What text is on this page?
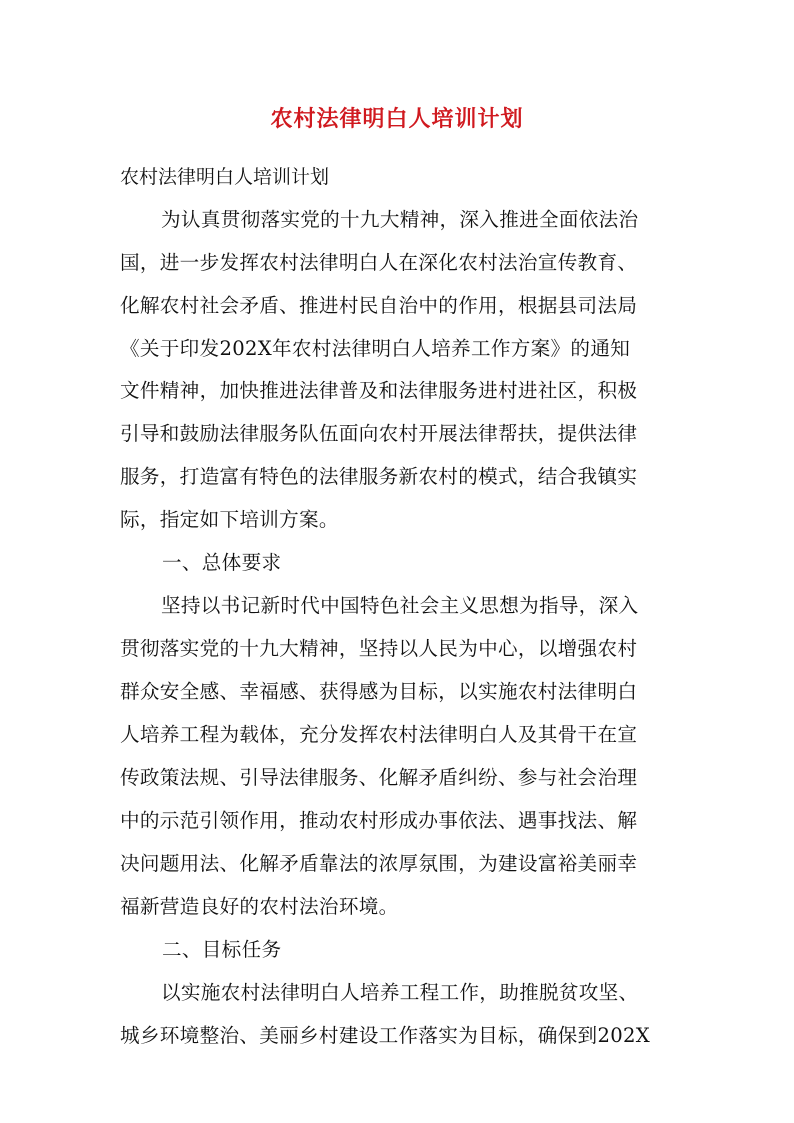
农村法律明白人培训计划
农村法律明白人培训计划
为认真贯彻落实党的十九大精神，深入推进全面依法治
国，进一步发挥农村法律明白人在深化农村法治宣传教育、
化解农村社会矛盾、推进村民自治中的作用，根据县司法局
《关于印发202X年农村法律明白人培养工作方案》的通知
文件精神，加快推进法律普及和法律服务进村进社区，积极
引导和鼓励法律服务队伍面向农村开展法律帮扶，提供法律
服务，打造富有特色的法律服务新农村的模式，结合我镇实
际，指定如下培训方案。
一、总体要求
坚持以书记新时代中国特色社会主义思想为指导，深入
贯彻落实党的十九大精神，坚持以人民为中心，以增强农村
群众安全感、幸福感、获得感为目标，以实施农村法律明白
人培养工程为载体，充分发挥农村法律明白人及其骨干在宣
传政策法规、引导法律服务、化解矛盾纠纷、参与社会治理
中的示范引领作用，推动农村形成办事依法、遇事找法、解
决问题用法、化解矛盾靠法的浓厚氛围，为建设富裕美丽幸
福新营造良好的农村法治环境。
二、目标任务
以实施农村法律明白人培养工程工作，助推脱贫攻坚、
城乡环境整治、美丽乡村建设工作落实为目标，确保到202X
